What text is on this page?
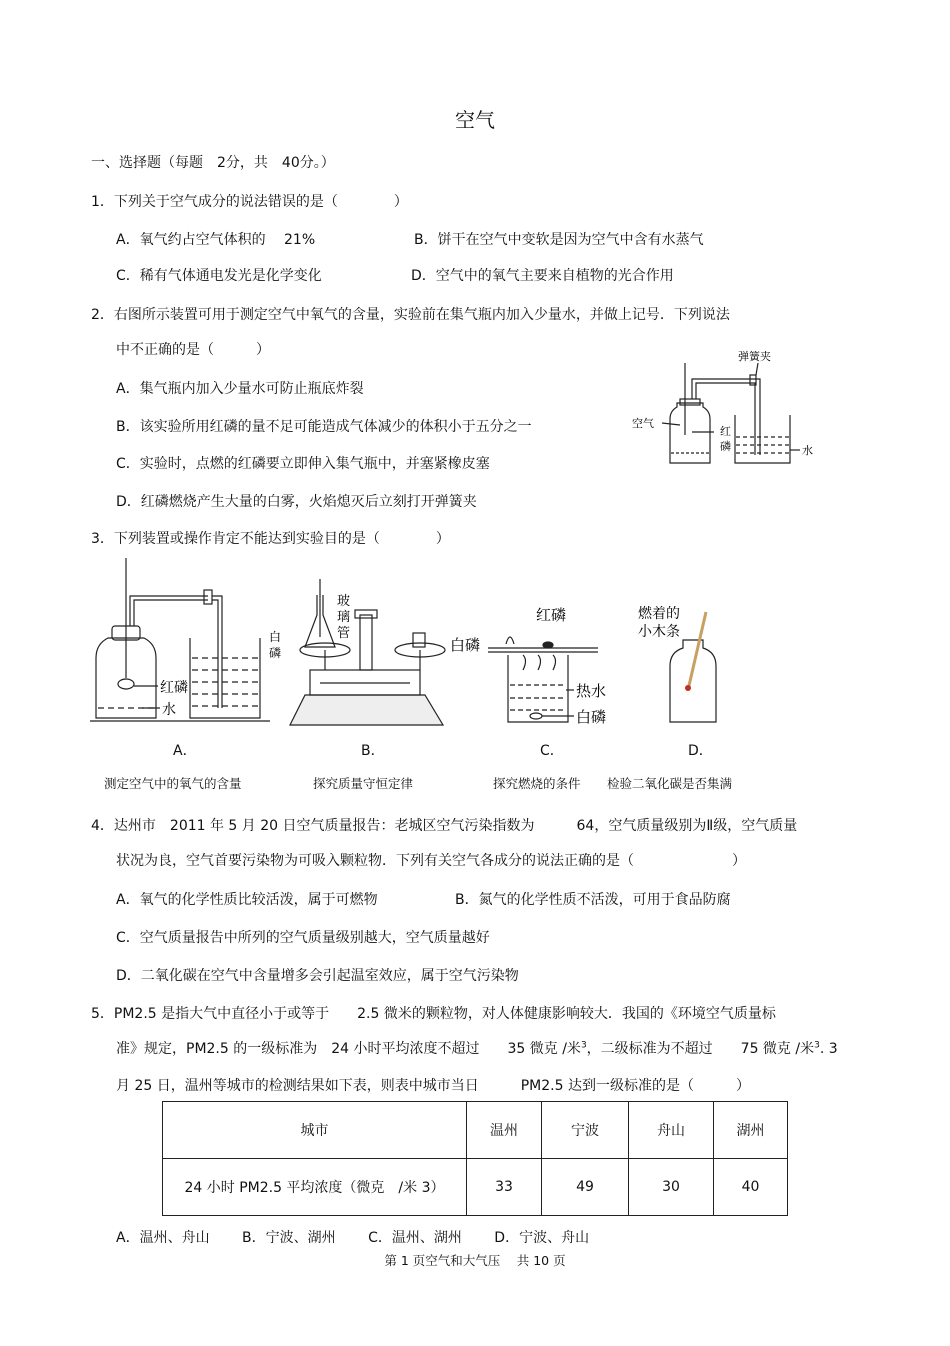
空气
一、选择题（每题　2分，共　40分。）
1．下列关于空气成分的说法错误的是（　　　　）
A．氧气约占空气体积的　 21%	B．饼干在空气中变软是因为空气中含有水蒸气
C．稀有气体通电发光是化学变化	D．空气中的氧气主要来自植物的光合作用
2．右图所示装置可用于测定空气中氧气的含量，实验前在集气瓶内加入少量水，并做上记号．下列说法
中不正确的是（　　　）
A．集气瓶内加入少量水可防止瓶底炸裂
B．该实验所用红磷的量不足可能造成气体减少的体积小于五分之一
C．实验时，点燃的红磷要立即伸入集气瓶中，并塞紧橡皮塞
D．红磷燃烧产生大量的白雾，火焰熄灭后立刻打开弹簧夹
弹簧夹
空气
红
磷	水
3．下列装置或操作肯定不能达到实验目的是（　　　　）
红磷
水
玻
璃
管
白
磷
红磷
白磷
热水
白磷
燃着的
小木条
A．	B．	C．	D．
测定空气中的氧气的含量	探究质量守恒定律	探究燃烧的条件 检验二氧化碳是否集满
4．达州市　2011 年 5 月 20 日空气质量报告：老城区空气污染指数为　　　64，空气质量级别为Ⅱ级，空气质量
状况为良，空气首要污染物为可吸入颗粒物．下列有关空气各成分的说法正确的是（　　　　　　　）
A．氧气的化学性质比较活泼，属于可燃物	B．氮气的化学性质不活泼，可用于食品防腐
C．空气质量报告中所列的空气质量级别越大，空气质量越好
D．二氧化碳在空气中含量增多会引起温室效应，属于空气污染物
5．PM2.5 是指大气中直径小于或等于　　2.5 微米的颗粒物，对人体健康影响较大．我国的《环境空气质量标
准》规定，PM2.5 的一级标准为　24 小时平均浓度不超过　　35 微克 /米$^3$，二级标准为不超过　　75 微克 /米$^3$. 3
月 25 日，温州等城市的检测结果如下表，则表中城市当日　　　PM2.5 达到一级标准的是（　　　）
城市	温州	宁波	舟山	湖州
24 小时 PM2.5 平均浓度（微克　/米 3）	33	49	30	40
A．温州、舟山　　 B．宁波、湖州　　 C．温州、湖州　　 D．宁波、舟山
第 1 页空气和大气压　 共 10 页
